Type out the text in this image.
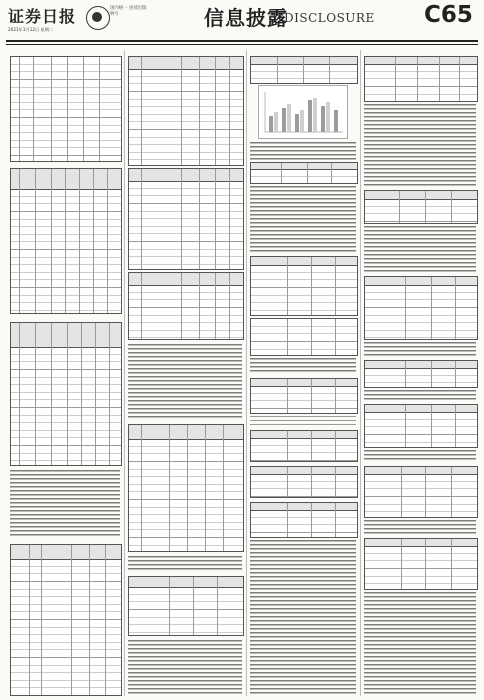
证券日报	国内统一 连续出版物号
2021年1月12日 星期二	信息披露
DISCLOSURE C65
